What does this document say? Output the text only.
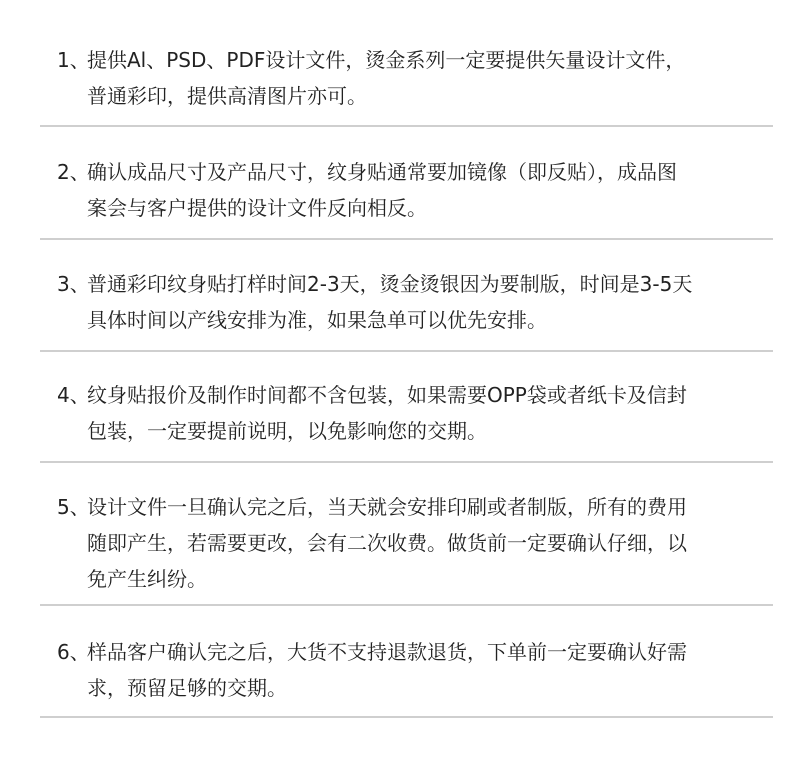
1、提供Al、PSD、PDF设计文件，烫金系列一定要提供矢量设计文件，
普通彩印，提供高清图片亦可。
2、确认成品尺寸及产品尺寸，纹身贴通常要加镜像（即反贴），成品图
案会与客户提供的设计文件反向相反。
3、普通彩印纹身贴打样时间2-3天，烫金烫银因为要制版，时间是3-5天
具体时间以产线安排为准，如果急单可以优先安排。
4、纹身贴报价及制作时间都不含包装，如果需要OPP袋或者纸卡及信封
包装，一定要提前说明，以免影响您的交期。
5、设计文件一旦确认完之后，当天就会安排印刷或者制版，所有的费用
随即产生，若需要更改，会有二次收费。做货前一定要确认仔细，以
免产生纠纷。
6、样品客户确认完之后，大货不支持退款退货，下单前一定要确认好需
求，预留足够的交期。
